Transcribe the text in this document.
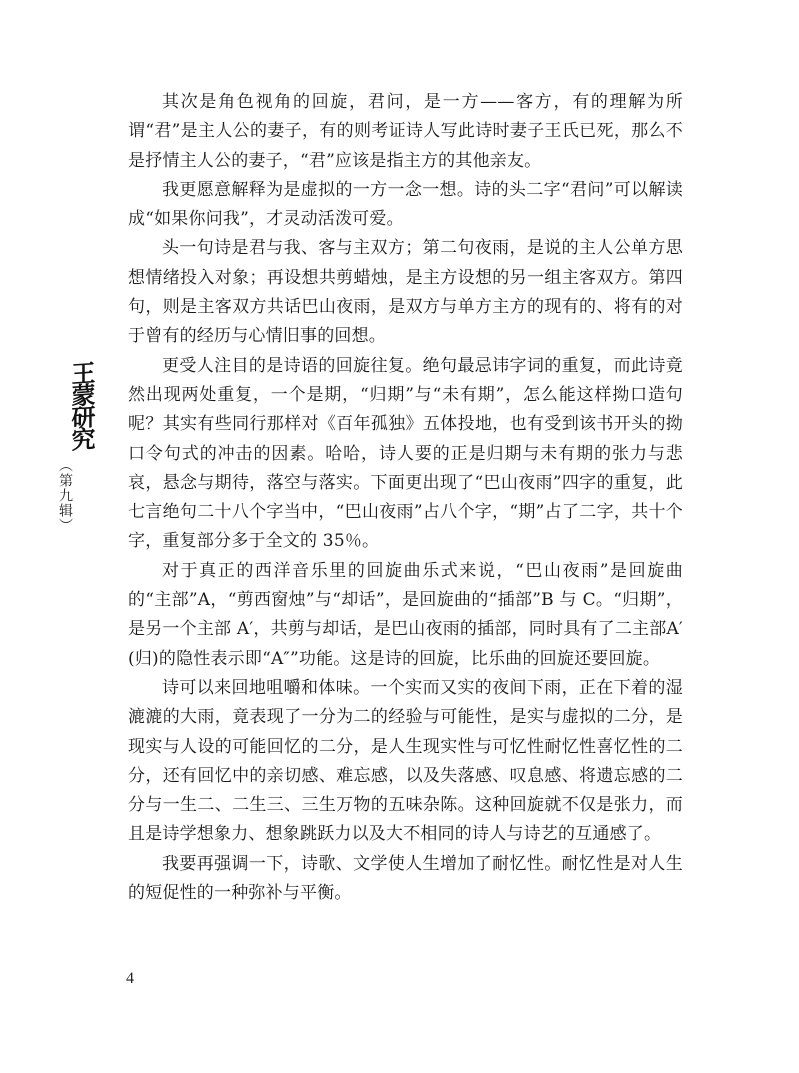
王蒙研究
（第九辑）

其次是角色视角的回旋，君问，是一方——客方，有的理解为所谓“君”是主人公的妻子，有的则考证诗人写此诗时妻子王氏已死，那么不是抒情主人公的妻子，“君”应该是指主方的其他亲友。

我更愿意解释为是虚拟的一方一念一想。诗的头二字“君问”可以解读成“如果你问我”，才灵动活泼可爱。

头一句诗是君与我、客与主双方；第二句夜雨，是说的主人公单方思想情绪投入对象；再设想共剪蜡烛，是主方设想的另一组主客双方。第四句，则是主客双方共话巴山夜雨，是双方与单方主方的现有的、将有的对于曾有的经历与心情旧事的回想。

更受人注目的是诗语的回旋往复。绝句最忌讳字词的重复，而此诗竟然出现两处重复，一个是期，“归期”与“未有期”，怎么能这样拗口造句呢？其实有些同行那样对《百年孤独》五体投地，也有受到该书开头的拗口令句式的冲击的因素。哈哈，诗人要的正是归期与未有期的张力与悲哀，悬念与期待，落空与落实。下面更出现了“巴山夜雨”四字的重复，此七言绝句二十八个字当中，“巴山夜雨”占八个字，“期”占了二字，共十个字，重复部分多于全文的 35％。

对于真正的西洋音乐里的回旋曲乐式来说，“巴山夜雨”是回旋曲的“主部”A，“剪西窗烛”与“却话”，是回旋曲的“插部”B 与 C。“归期”，是另一个主部 A′，共剪与却话，是巴山夜雨的插部，同时具有了二主部A′(归)的隐性表示即“A″”功能。这是诗的回旋，比乐曲的回旋还要回旋。

诗可以来回地咀嚼和体味。一个实而又实的夜间下雨，正在下着的湿漉漉的大雨，竟表现了一分为二的经验与可能性，是实与虚拟的二分，是现实与人设的可能回忆的二分，是人生现实性与可忆性耐忆性喜忆性的二分，还有回忆中的亲切感、难忘感，以及失落感、叹息感、将遗忘感的二分与一生二、二生三、三生万物的五味杂陈。这种回旋就不仅是张力，而且是诗学想象力、想象跳跃力以及大不相同的诗人与诗艺的互通感了。

我要再强调一下，诗歌、文学使人生增加了耐忆性。耐忆性是对人生的短促性的一种弥补与平衡。

4
